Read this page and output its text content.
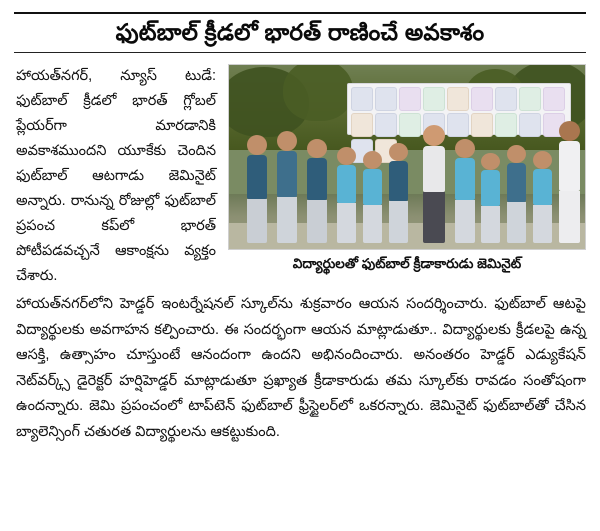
ఫుట్‌బాల్ క్రీడలో భారత్ రాణించే అవకాశం

హాయత్‌నగర్, న్యూస్ టుడే: ఫుట్‌బాల్ క్రీడలో భారత్ గ్లోబల్ ప్లేయర్‌గా మారడానికి అవకాశముందని యూకేకు చెందిన ఫుట్‌బాల్ ఆటగాడు జెమినైట్ అన్నారు. రానున్న రోజుల్లో ఫుట్‌బాల్ ప్రపంచ కప్‌లో భారత్ పోటీపడవచ్చనే ఆకాంక్షను వ్యక్తం చేశారు.

విద్యార్థులతో ఫుట్‌బాల్ క్రీడాకారుడు జెమినైట్

హాయత్‌నగర్‌లోని హెడ్డర్ ఇంటర్నేషనల్ స్కూల్‌ను శుక్రవారం ఆయన సందర్శించారు. ఫుట్‌బాల్ ఆటపై విద్యార్థులకు అవగాహన కల్పించారు. ఈ సందర్భంగా ఆయన మాట్లాడుతూ.. విద్యార్థులకు క్రీడలపై ఉన్న ఆసక్తి, ఉత్సాహం చూస్తుంటే ఆనందంగా ఉందని అభినందించారు. అనంతరం హెడ్డర్ ఎడ్యుకేషన్ నెట్‌వర్క్స్ డైరెక్టర్ హర్షిహెడ్డర్ మాట్లాడుతూ ప్రఖ్యాత క్రీడాకారుడు తమ స్కూల్‌కు రావడం సంతోషంగా ఉందన్నారు. జెమి ప్రపంచంలో టాప్‌టెన్ ఫుట్‌బాల్ ఫ్రీస్టైలర్‌లో ఒకరన్నారు. జెమినైట్ ఫుట్‌బాల్‌తో చేసిన బ్యాలెన్సింగ్ చతురత విద్యార్థులను ఆకట్టుకుంది.
